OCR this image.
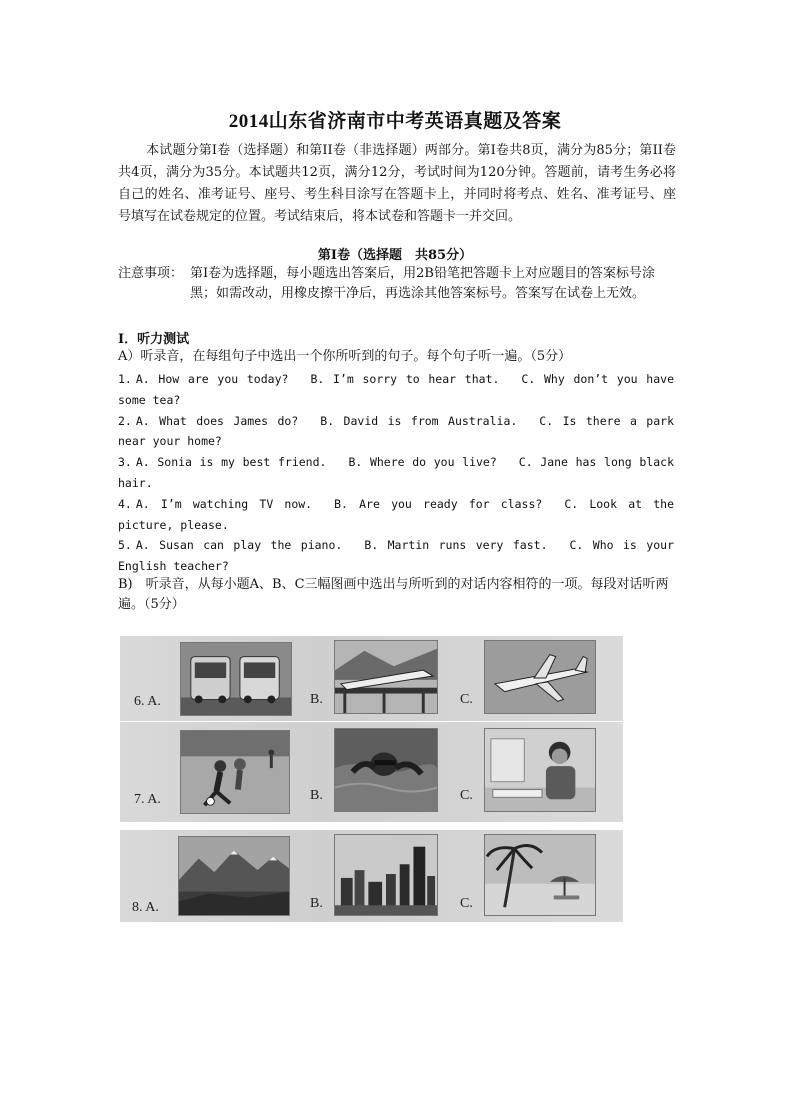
2014山东省济南市中考英语真题及答案
本试题分第I卷（选择题）和第II卷（非选择题）两部分。第I卷共8页，满分为85分；第II卷共4页，满分为35分。本试题共12页，满分12分，考试时间为120分钟。答题前，请考生务必将自己的姓名、准考证号、座号、考生科目涂写在答题卡上，并同时将考点、姓名、准考证号、座号填写在试卷规定的位置。考试结束后，将本试卷和答题卡一并交回。
第I卷（选择题　共85分）
注意事项： 第I卷为选择题，每小题选出答案后，用2B铅笔把答题卡上对应题目的答案标号涂黑；如需改动，用橡皮擦干净后，再选涂其他答案标号。答案写在试卷上无效。
I．听力测试
A）听录音，在每组句子中选出一个你所听到的句子。每个句子听一遍。（5分）
1. A. How are you today? B. I’m sorry to hear that. C. Why don’t you have some tea?
2. A. What does James do? B. David is from Australia. C. Is there a park near your home?
3. A. Sonia is my best friend. B. Where do you live? C. Jane has long black hair.
4. A. I’m watching TV now. B. Are you ready for class? C. Look at the picture, please.
5. A. Susan can play the piano. B. Martin runs very fast. C. Who is your English teacher?
B)　听录音，从每小题A、B、C三幅图画中选出与所听到的对话内容相符的一项。每段对话听两遍。（5分）
6. A.	B.	C.
7. A.	B.	C.
8. A.	B.	C.
